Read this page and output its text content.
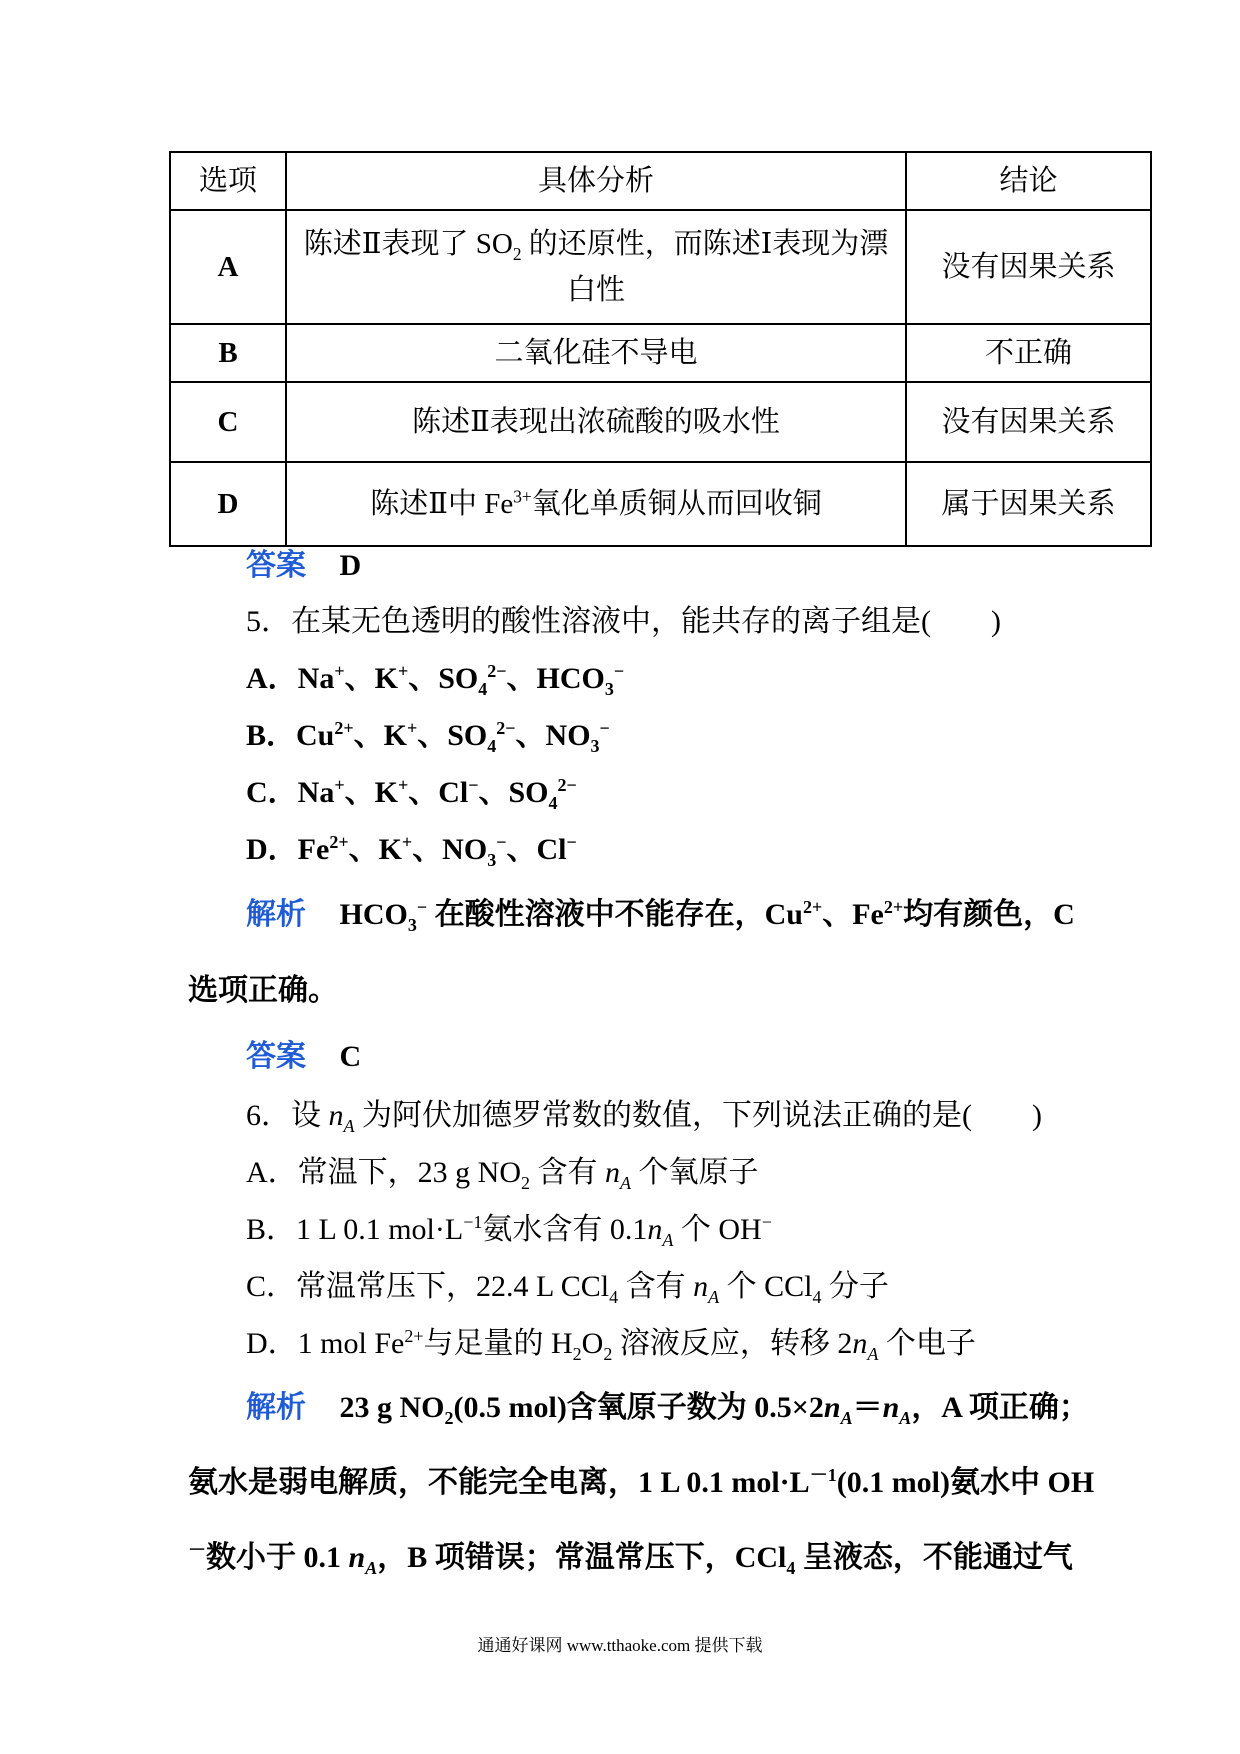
选项	具体分析	结论
A	陈述Ⅱ表现了 $SO_2$ 的还原性，而陈述Ⅰ表现为漂白性	没有因果关系
B	二氧化硅不导电	不正确
C	陈述Ⅱ表现出浓硫酸的吸水性	没有因果关系
D	陈述Ⅱ中 $Fe^{3+}$氧化单质铜从而回收铜	属于因果关系
答案 D
5．在某无色透明的酸性溶液中，能共存的离子组是(　　)
A．Na+、K+、$SO_4^{2-}$、$HCO_3^-$
B．$Cu^{2+}$、K+、$SO_4^{2-}$、$NO_3^-$
C．Na+、K+、Cl−、$SO_4^{2-}$
D．$Fe^{2+}$、K+、$NO_3^-$、Cl−
解析 $HCO_3^-$ 在酸性溶液中不能存在，$Cu^{2+}$、$Fe^{2+}$均有颜色，C
选项正确。
答案 C
6．设 $n_A$ 为阿伏加德罗常数的数值，下列说法正确的是(　　)
A．常温下，23 g $NO_2$ 含有 $n_A$ 个氧原子
B．1 L 0.1 $mol\cdot L^{-1}$氨水含有 $0.1n_A$ 个 OH−
C．常温常压下，22.4 L CCl$_4$ 含有 $n_A$ 个 CCl$_4$ 分子
D．1 mol $Fe^{2+}$与足量的 $H_2O_2$ 溶液反应，转移 $2n_A$ 个电子
解析 23 g $NO_2(0.5$ mol)含氧原子数为 $0.5\times 2n_A=n_A$，A 项正确；
氨水是弱电解质，不能完全电离，1 L 0.1 $mol\cdot L^{-1}(0.1$ mol)氨水中 OH
－数小于 0.1 $n_A$，B 项错误；常温常压下，CCl$_4$ 呈液态，不能通过气
通通好课网 www.tthaoke.com 提供下载
